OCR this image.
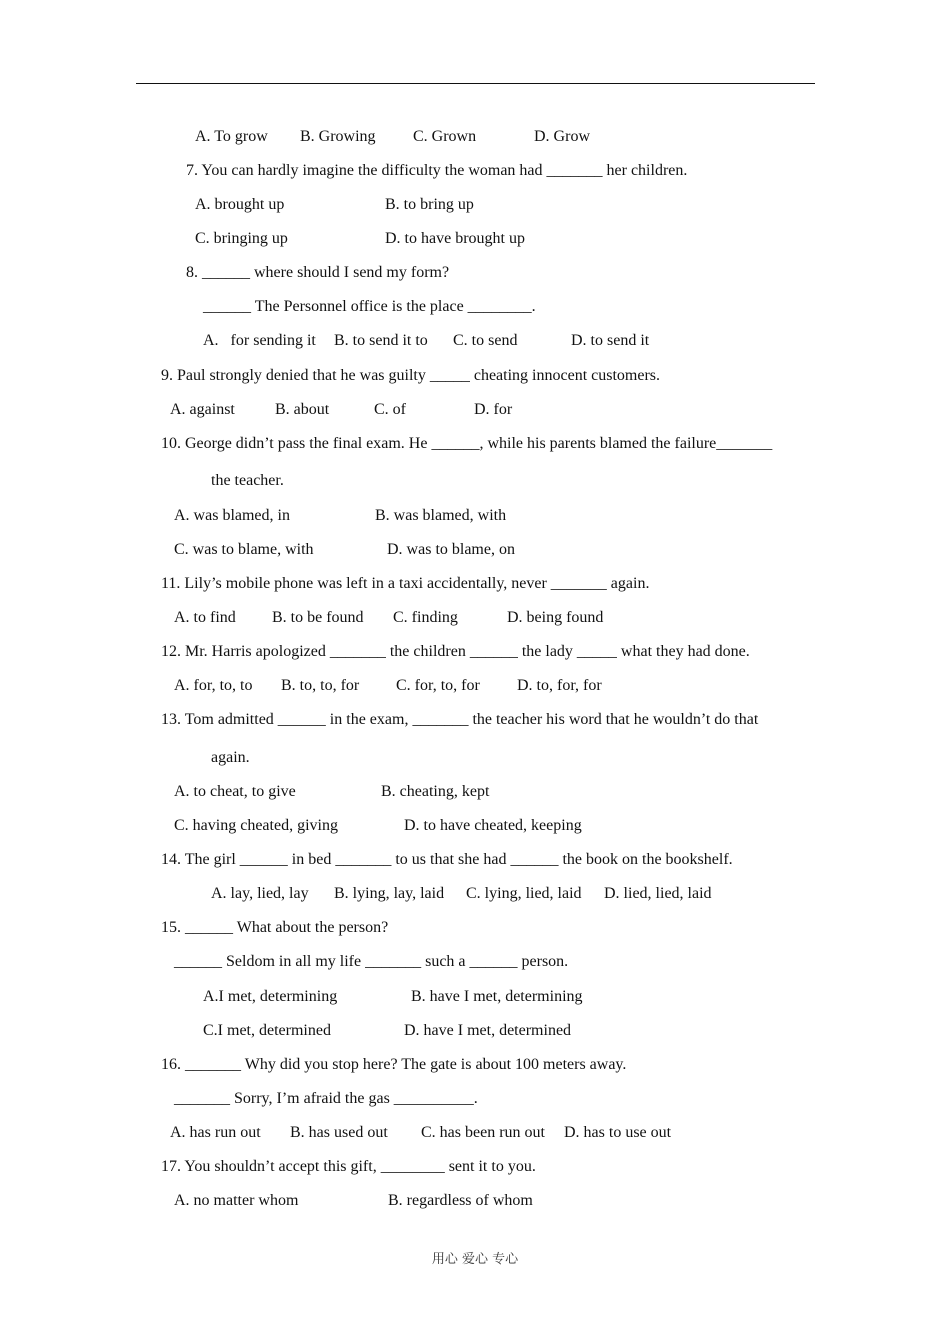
A. To grow B. Growing C. Grown	D. Grow
7. You can hardly imagine the difficulty the woman had _______ her children.
A. brought up	B. to bring up
C. bringing up	D. to have brought up
8. ______ where should I send my form?
______ The Personnel office is the place ________.
A.   for sending it B. to send it to C. to send	D. to send it
9. Paul strongly denied that he was guilty _____ cheating innocent customers.
A. against	B. about	C. of	D. for
10. George didn’t pass the final exam. He ______, while his parents blamed the failure_______
the teacher.
A. was blamed, in	B. was blamed, with
C. was to blame, with	D. was to blame, on
11. Lily’s mobile phone was left in a taxi accidentally, never _______ again.
A. to find B. to be found C. finding	D. being found
12. Mr. Harris apologized _______ the children ______ the lady _____ what they had done.
A. for, to, to B. to, to, for C. for, to, for D. to, for, for
13. Tom admitted ______ in the exam, _______ the teacher his word that he wouldn’t do that
again.
A. to cheat, to give	B. cheating, kept
C. having cheated, giving	D. to have cheated, keeping
14. The girl ______ in bed _______ to us that she had ______ the book on the bookshelf.
A. lay, lied, lay B. lying, lay, laid C. lying, lied, laid D. lied, lied, laid
15. ______ What about the person?
______ Seldom in all my life _______ such a ______ person.
A.I met, determining	B. have I met, determining
C.I met, determined	D. have I met, determined
16. _______ Why did you stop here? The gate is about 100 meters away.
_______ Sorry, I’m afraid the gas __________.
A. has run out B. has used out C. has been run out D. has to use out
17. You shouldn’t accept this gift, ________ sent it to you.
A. no matter whom	B. regardless of whom
用心 爱心 专心
